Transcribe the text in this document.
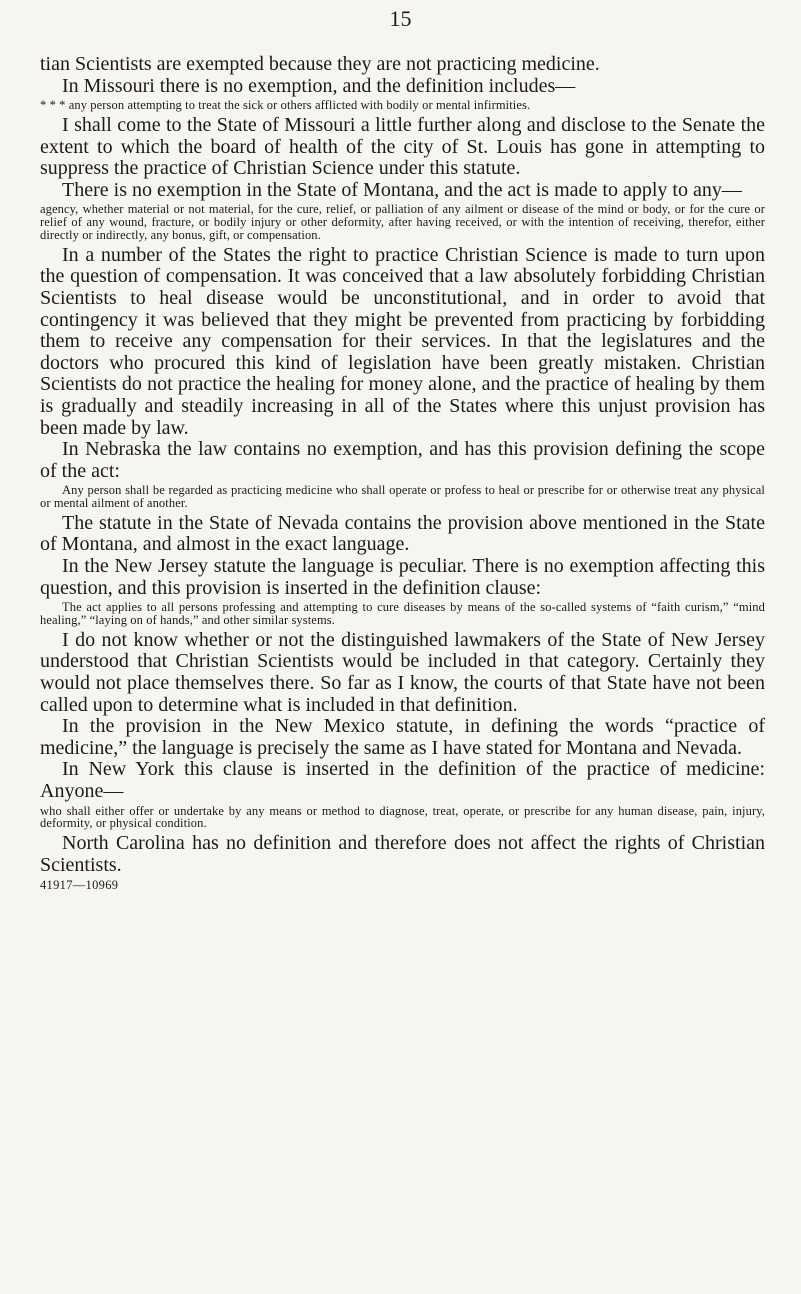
15

tian Scientists are exempted because they are not practicing medicine.

In Missouri there is no exemption, and the definition includes—

* * * any person attempting to treat the sick or others afflicted with bodily or mental infirmities.

I shall come to the State of Missouri a little further along and disclose to the Senate the extent to which the board of health of the city of St. Louis has gone in attempting to suppress the practice of Christian Science under this statute.

There is no exemption in the State of Montana, and the act is made to apply to any—

agency, whether material or not material, for the cure, relief, or palliation of any ailment or disease of the mind or body, or for the cure or relief of any wound, fracture, or bodily injury or other deformity, after having received, or with the intention of receiving, therefor, either directly or indirectly, any bonus, gift, or compensation.

In a number of the States the right to practice Christian Science is made to turn upon the question of compensation. It was conceived that a law absolutely forbidding Christian Scientists to heal disease would be unconstitutional, and in order to avoid that contingency it was believed that they might be prevented from practicing by forbidding them to receive any compensation for their services. In that the legislatures and the doctors who procured this kind of legislation have been greatly mistaken. Christian Scientists do not practice the healing for money alone, and the practice of healing by them is gradually and steadily increasing in all of the States where this unjust provision has been made by law.

In Nebraska the law contains no exemption, and has this provision defining the scope of the act:

Any person shall be regarded as practicing medicine who shall operate or profess to heal or prescribe for or otherwise treat any physical or mental ailment of another.

The statute in the State of Nevada contains the provision above mentioned in the State of Montana, and almost in the exact language.

In the New Jersey statute the language is peculiar. There is no exemption affecting this question, and this provision is inserted in the definition clause:

The act applies to all persons professing and attempting to cure diseases by means of the so-called systems of “faith curism,” “mind healing,” “laying on of hands,” and other similar systems.

I do not know whether or not the distinguished lawmakers of the State of New Jersey understood that Christian Scientists would be included in that category. Certainly they would not place themselves there. So far as I know, the courts of that State have not been called upon to determine what is included in that definition.

In the provision in the New Mexico statute, in defining the words “practice of medicine,” the language is precisely the same as I have stated for Montana and Nevada.

In New York this clause is inserted in the definition of the practice of medicine: Anyone—

who shall either offer or undertake by any means or method to diagnose, treat, operate, or prescribe for any human disease, pain, injury, deformity, or physical condition.

North Carolina has no definition and therefore does not affect the rights of Christian Scientists.

41917—10969
